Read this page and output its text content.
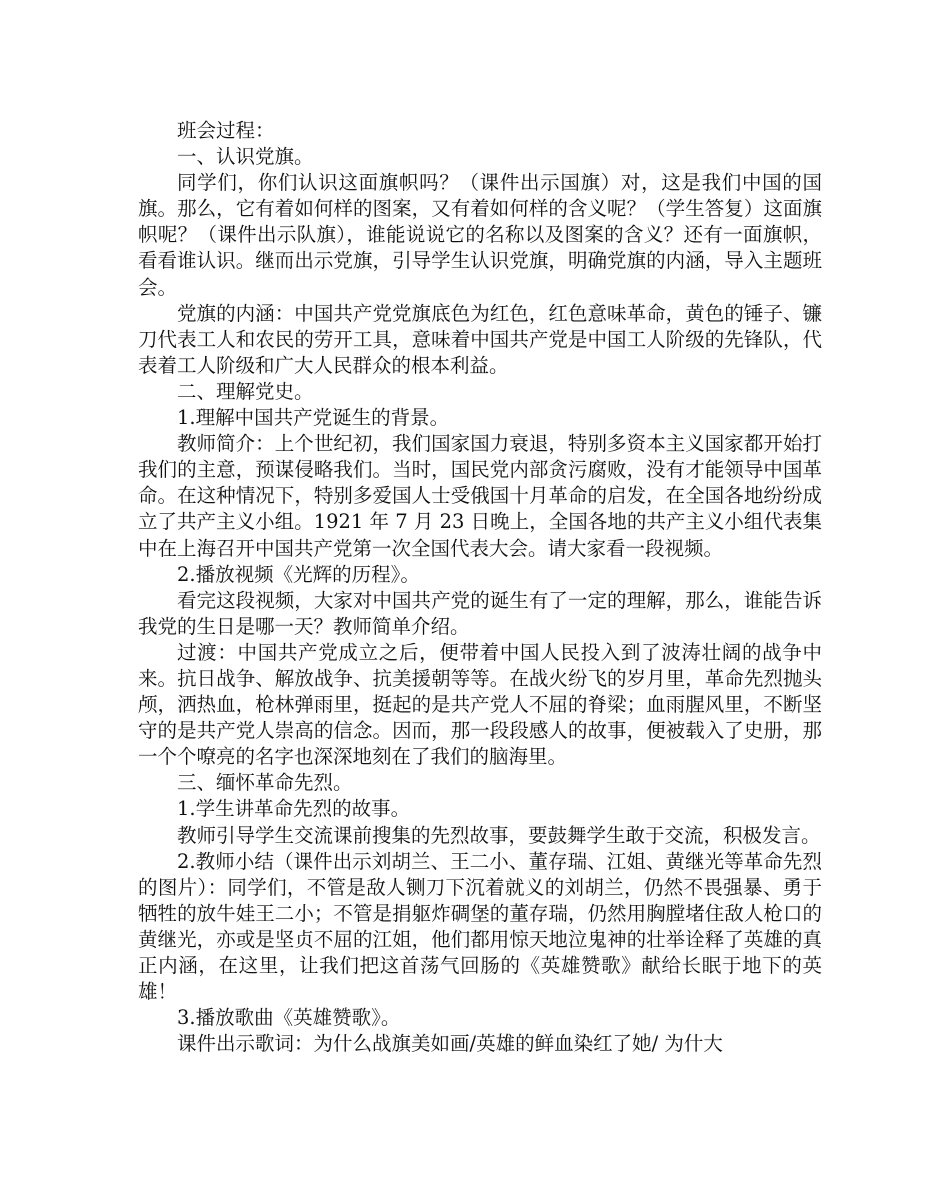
班会过程：

一、认识党旗。

同学们，你们认识这面旗帜吗？（课件出示国旗）对，这是我们中国的国旗。那么，它有着如何样的图案，又有着如何样的含义呢？（学生答复）这面旗帜呢？（课件出示队旗），谁能说说它的名称以及图案的含义？还有一面旗帜，看看谁认识。继而出示党旗，引导学生认识党旗，明确党旗的内涵，导入主题班会。

党旗的内涵：中国共产党党旗底色为红色，红色意味革命，黄色的锤子、镰刀代表工人和农民的劳开工具，意味着中国共产党是中国工人阶级的先锋队，代表着工人阶级和广大人民群众的根本利益。

二、理解党史。

1.理解中国共产党诞生的背景。

教师简介：上个世纪初，我们国家国力衰退，特别多资本主义国家都开始打我们的主意，预谋侵略我们。当时，国民党内部贪污腐败，没有才能领导中国革命。在这种情况下，特别多爱国人士受俄国十月革命的启发，在全国各地纷纷成立了共产主义小组。1921 年 7 月 23 日晚上，全国各地的共产主义小组代表集中在上海召开中国共产党第一次全国代表大会。请大家看一段视频。

2.播放视频《光辉的历程》。

看完这段视频，大家对中国共产党的诞生有了一定的理解，那么，谁能告诉我党的生日是哪一天？教师简单介绍。

过渡：中国共产党成立之后，便带着中国人民投入到了波涛壮阔的战争中来。抗日战争、解放战争、抗美援朝等等。在战火纷飞的岁月里，革命先烈抛头颅，洒热血，枪林弹雨里，挺起的是共产党人不屈的脊梁；血雨腥风里，不断坚守的是共产党人崇高的信念。因而，那一段段感人的故事，便被载入了史册，那一个个嘹亮的名字也深深地刻在了我们的脑海里。

三、缅怀革命先烈。

1.学生讲革命先烈的故事。

教师引导学生交流课前搜集的先烈故事，要鼓舞学生敢于交流，积极发言。

2.教师小结（课件出示刘胡兰、王二小、董存瑞、江姐、黄继光等革命先烈的图片）：同学们，不管是敌人铡刀下沉着就义的刘胡兰，仍然不畏强暴、勇于牺牲的放牛娃王二小；不管是捐躯炸碉堡的董存瑞，仍然用胸膛堵住敌人枪口的黄继光，亦或是坚贞不屈的江姐，他们都用惊天地泣鬼神的壮举诠释了英雄的真正内涵，在这里，让我们把这首荡气回肠的《英雄赞歌》献给长眠于地下的英雄！

3.播放歌曲《英雄赞歌》。

课件出示歌词：为什么战旗美如画/英雄的鲜血染红了她/ 为什大
